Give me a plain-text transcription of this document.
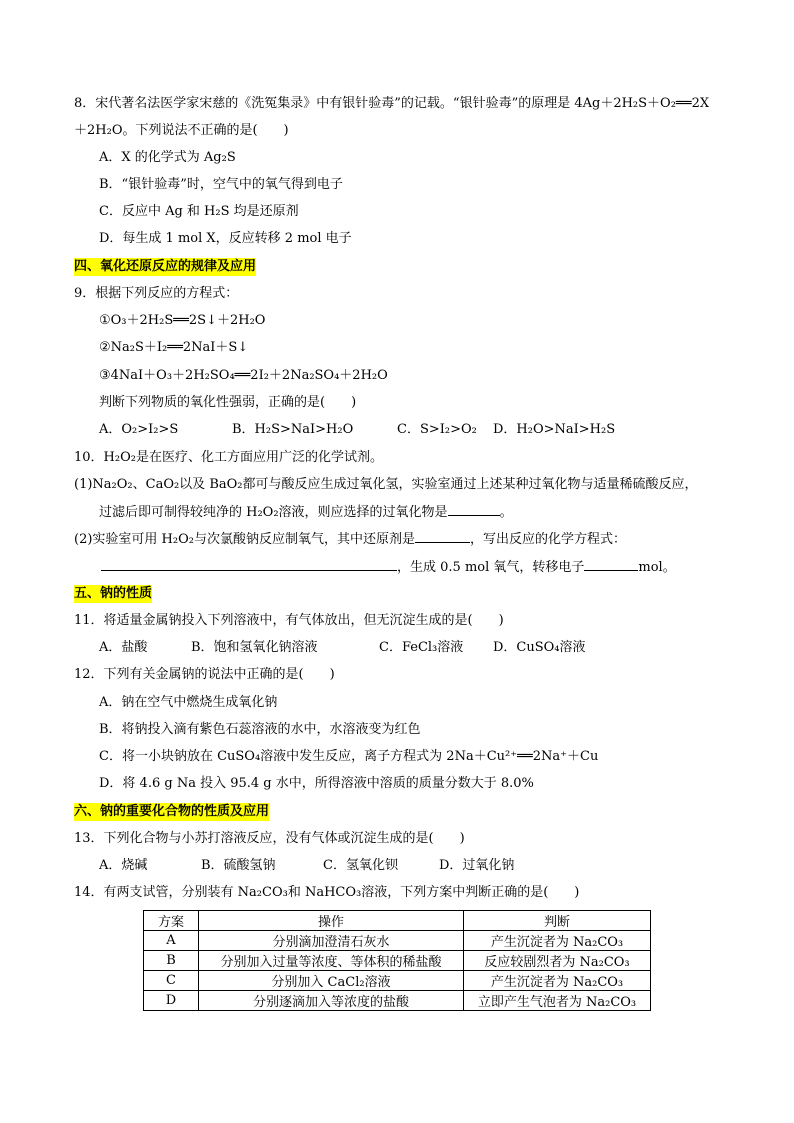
8．宋代著名法医学家宋慈的《洗冤集录》中有银针验毒”的记载。“银针验毒”的原理是 4Ag＋2H₂S＋O₂══2X
＋2H₂O。下列说法不正确的是(　　)
A．X 的化学式为 Ag₂S
B．“银针验毒”时，空气中的氧气得到电子
C．反应中 Ag 和 H₂S 均是还原剂
D．每生成 1 mol X，反应转移 2 mol 电子
四、氧化还原反应的规律及应用
9．根据下列反应的方程式：
①O₃＋2H₂S══2S↓＋2H₂O
②Na₂S＋I₂══2NaI＋S↓
③4NaI＋O₃＋2H₂SO₄══2I₂＋2Na₂SO₄＋2H₂O
判断下列物质的氧化性强弱，正确的是(　　)
A．O₂>I₂>S	B．H₂S>NaI>H₂O	C．S>I₂>O₂ D．H₂O>NaI>H₂S
10．H₂O₂是在医疗、化工方面应用广泛的化学试剂。
(1)Na₂O₂、CaO₂以及 BaO₂都可与酸反应生成过氧化氢，实验室通过上述某种过氧化物与适量稀硫酸反应，
过滤后即可制得较纯净的 H₂O₂溶液，则应选择的过氧化物是	。
(2)实验室可用 H₂O₂与次氯酸钠反应制氧气，其中还原剂是	，写出反应的化学方程式：
，生成 0.5 mol 氧气，转移电子	mol。
五、钠的性质
11．将适量金属钠投入下列溶液中，有气体放出，但无沉淀生成的是(　　)
A．盐酸	B．饱和氢氧化钠溶液	C．FeCl₃溶液 D．CuSO₄溶液
12．下列有关金属钠的说法中正确的是(　　)
A．钠在空气中燃烧生成氧化钠
B．将钠投入滴有紫色石蕊溶液的水中，水溶液变为红色
C．将一小块钠放在 CuSO₄溶液中发生反应，离子方程式为 2Na＋Cu²⁺══2Na⁺＋Cu
D．将 4.6 g Na 投入 95.4 g 水中，所得溶液中溶质的质量分数大于 8.0%
六、钠的重要化合物的性质及应用
13．下列化合物与小苏打溶液反应，没有气体或沉淀生成的是(　　)
A．烧碱	B．硫酸氢钠	C．氢氧化钡	D．过氧化钠
14．有两支试管，分别装有 Na₂CO₃和 NaHCO₃溶液，下列方案中判断正确的是(　　)
方案	操作	判断
A	分别滴加澄清石灰水	产生沉淀者为 Na₂CO₃
B	分别加入过量等浓度、等体积的稀盐酸	反应较剧烈者为 Na₂CO₃
C	分别加入 CaCl₂溶液	产生沉淀者为 Na₂CO₃
D	分别逐滴加入等浓度的盐酸	立即产生气泡者为 Na₂CO₃
